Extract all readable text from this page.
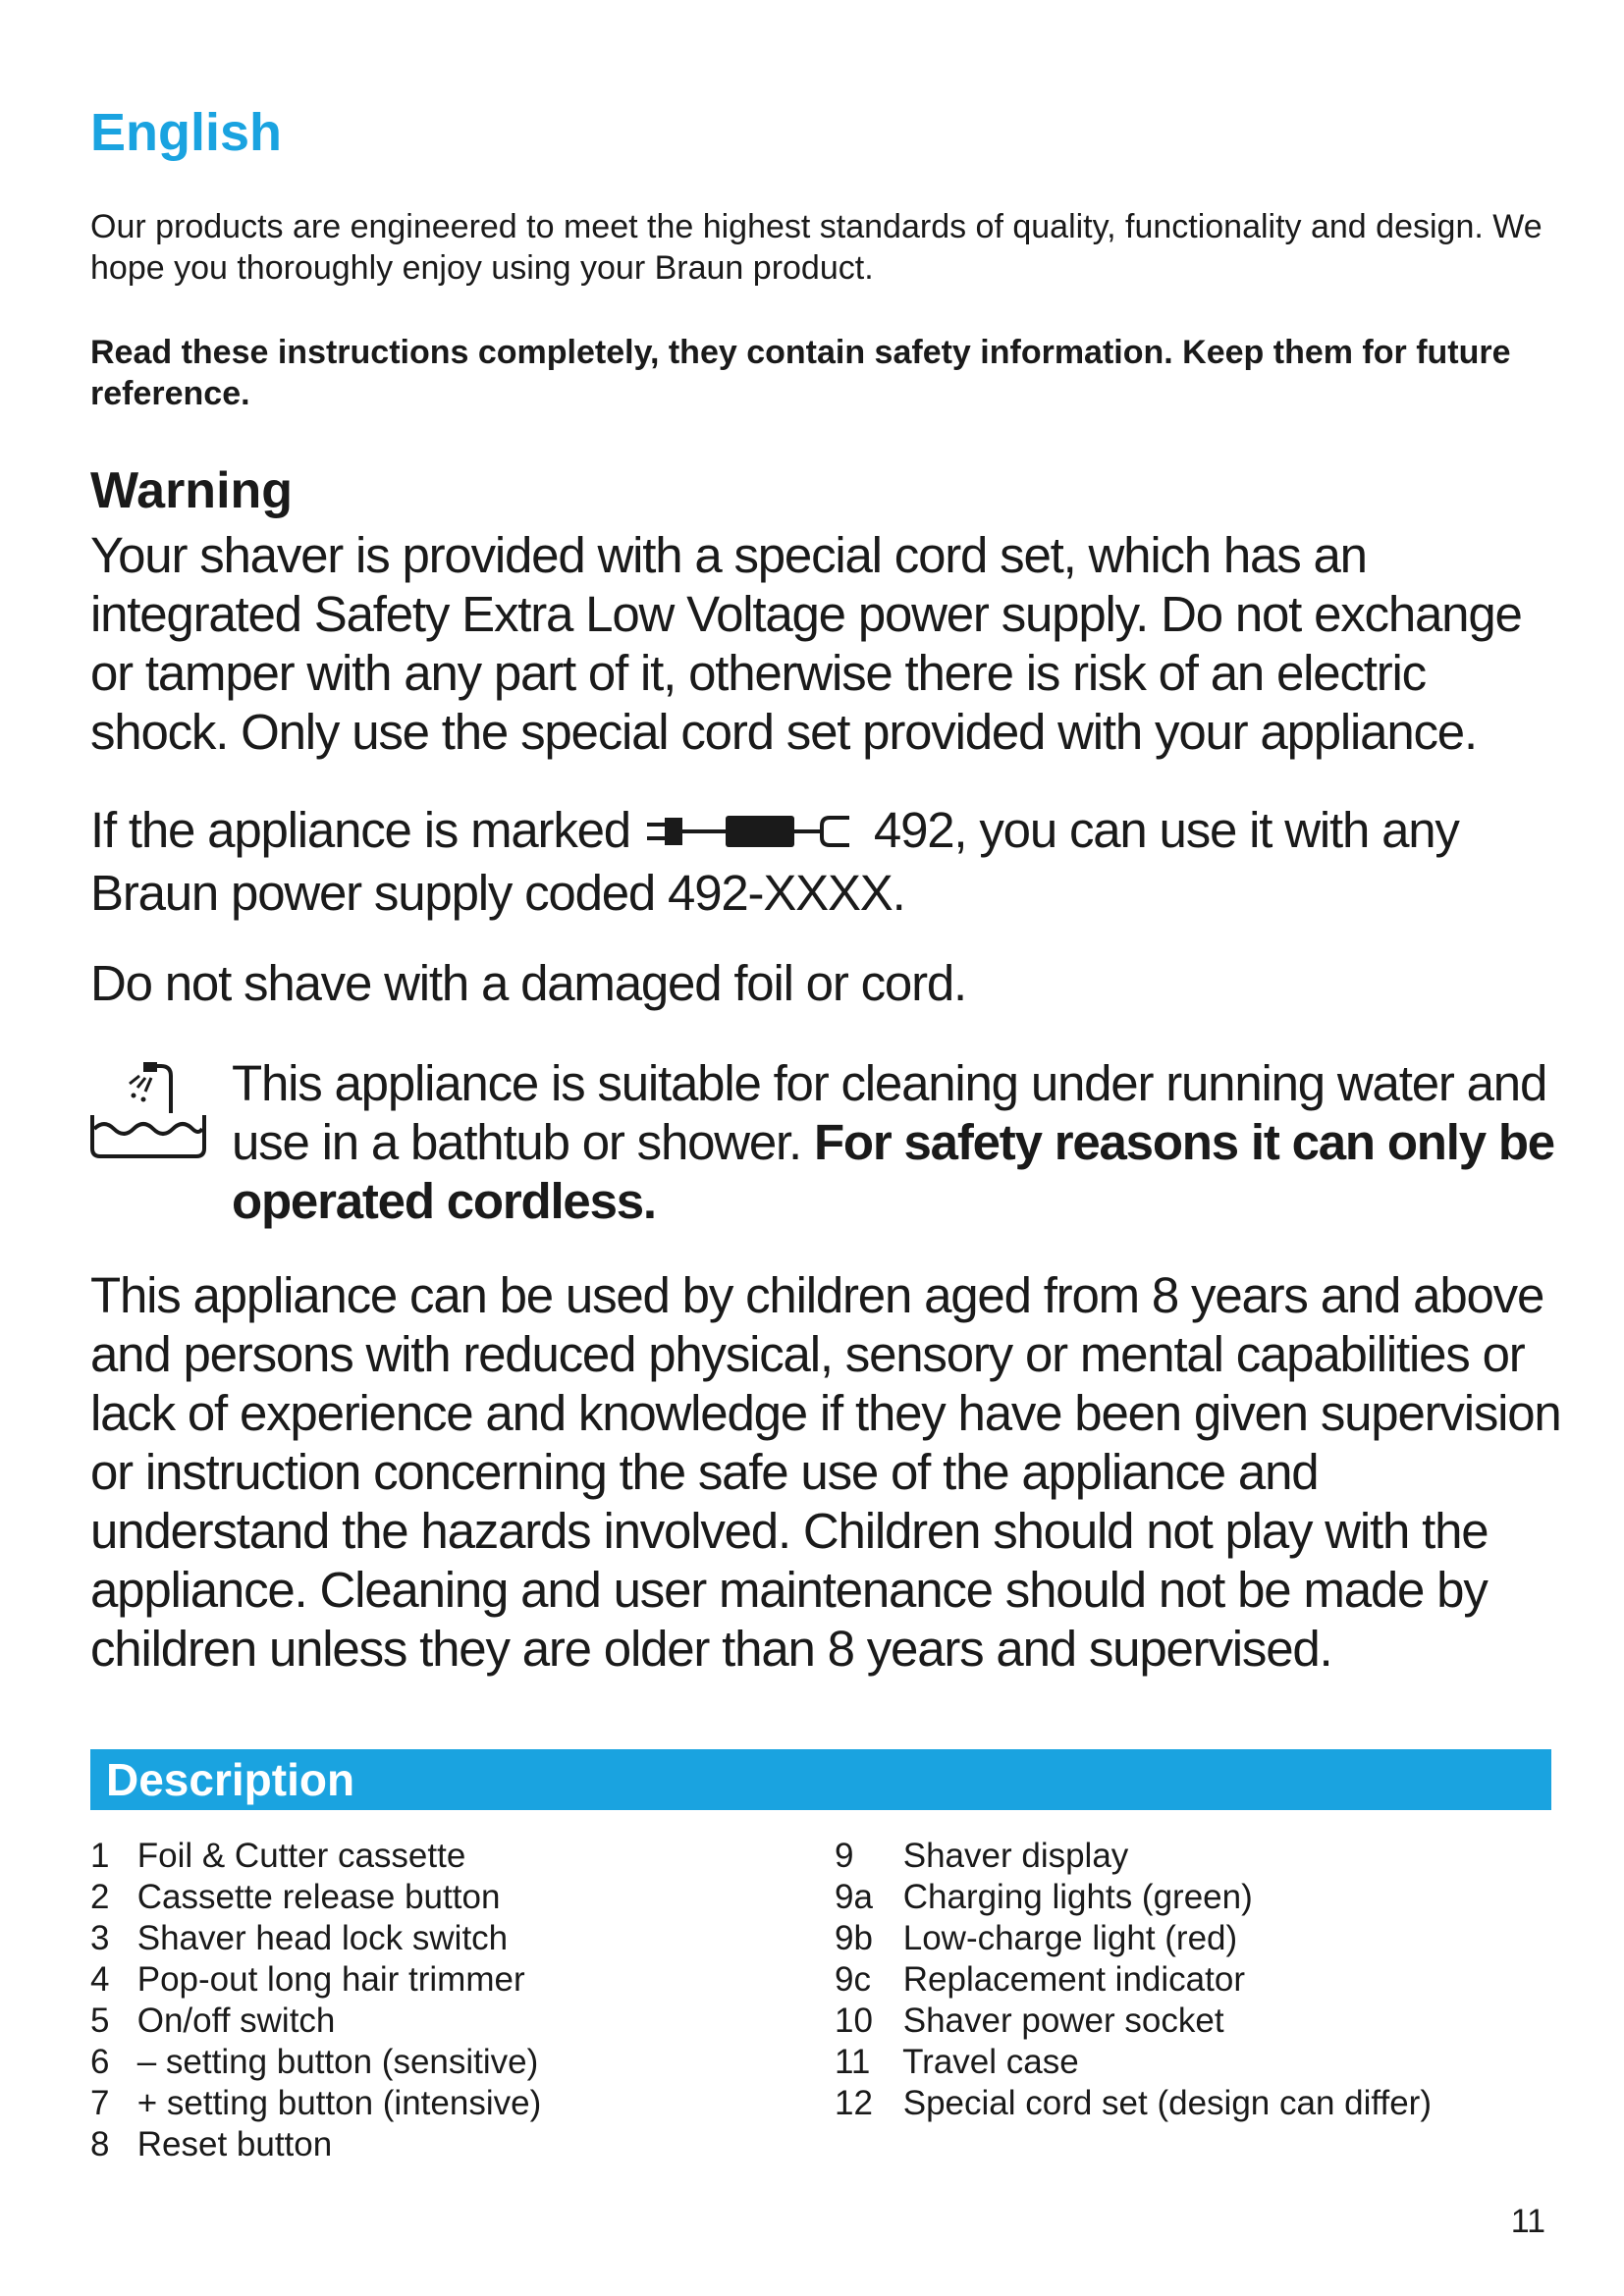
English

Our products are engineered to meet the highest standards of quality, functionality and design. We hope you thoroughly enjoy using your Braun product.

Read these instructions completely, they contain safety information. Keep them for future reference.

Warning

Your shaver is provided with a special cord set, which has an integrated Safety Extra Low Voltage power supply. Do not exchange or tamper with any part of it, otherwise there is risk of an electric shock. Only use the special cord set provided with your appliance.

If the appliance is marked	492, you can use it with any Braun power supply coded 492-XXXX.

Do not shave with a damaged foil or cord.

This appliance is suitable for cleaning under running water and use in a bathtub or shower. For safety reasons it can only be operated cordless.

This appliance can be used by children aged from 8 years and above and persons with reduced physical, sensory or mental capabilities or lack of experience and knowledge if they have been given supervision or instruction concerning the safe use of the appliance and understand the hazards involved. Children should not play with the appliance. Cleaning and user maintenance should not be made by children unless they are older than 8 years and supervised.

Description
1 Foil & Cutter cassette
2 Cassette release button
3 Shaver head lock switch
4 Pop-out long hair trimmer
5 On/off switch
6 – setting button (sensitive)
7 + setting button (intensive)
8 Reset button
9 Shaver display
9a Charging lights (green)
9b Low-charge light (red)
9c Replacement indicator
10 Shaver power socket
11 Travel case
12 Special cord set (design can differ)

11
